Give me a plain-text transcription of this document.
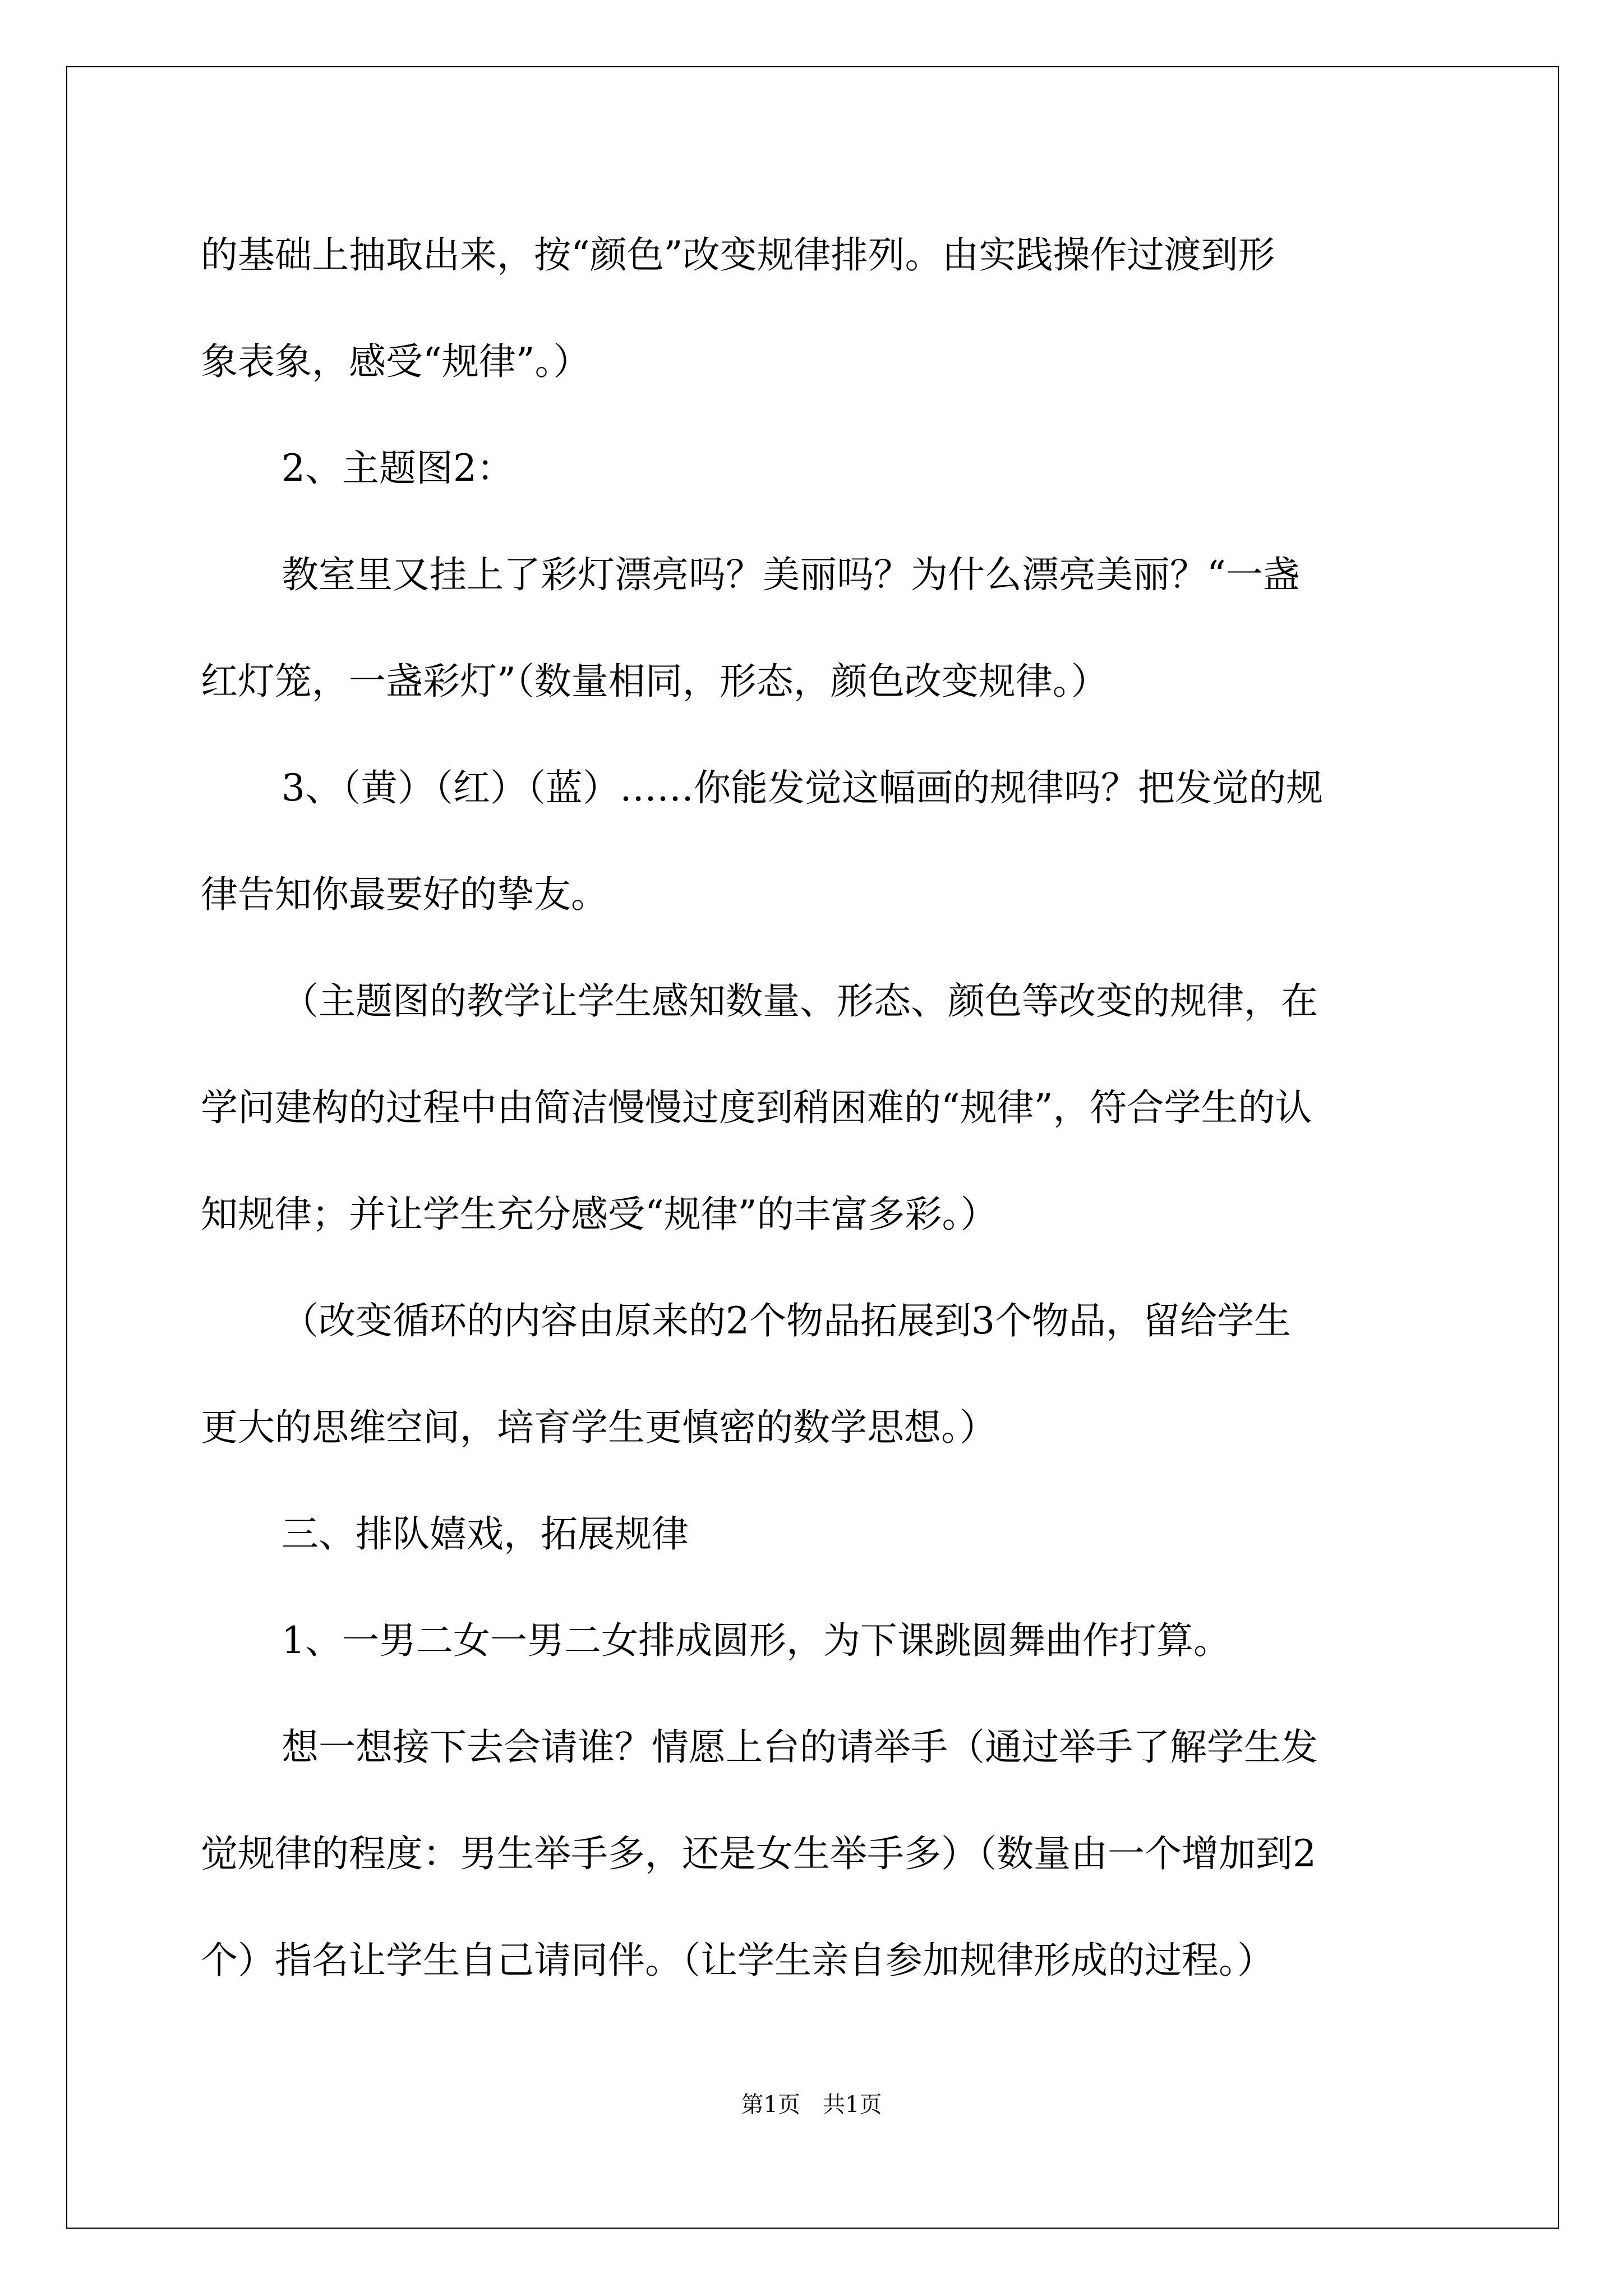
的基础上抽取出来，按“颜色”改变规律排列。由实践操作过渡到形
象表象，感受“规律”。）
2、主题图2：
教室里又挂上了彩灯漂亮吗？美丽吗？为什么漂亮美丽？“一盏
红灯笼，一盏彩灯”（数量相同，形态，颜色改变规律。）
3、（黄）（红）（蓝）……你能发觉这幅画的规律吗？把发觉的规
律告知你最要好的挚友。
（主题图的教学让学生感知数量、形态、颜色等改变的规律，在
学问建构的过程中由简洁慢慢过度到稍困难的“规律”，符合学生的认
知规律；并让学生充分感受“规律”的丰富多彩。）
（改变循环的内容由原来的2个物品拓展到3个物品，留给学生
更大的思维空间，培育学生更慎密的数学思想。）
三、排队嬉戏，拓展规律
1、一男二女一男二女排成圆形，为下课跳圆舞曲作打算。
想一想接下去会请谁？情愿上台的请举手（通过举手了解学生发
觉规律的程度：男生举手多，还是女生举手多）（数量由一个增加到2
个）指名让学生自己请同伴。（让学生亲自参加规律形成的过程。）
第1页　共1页
